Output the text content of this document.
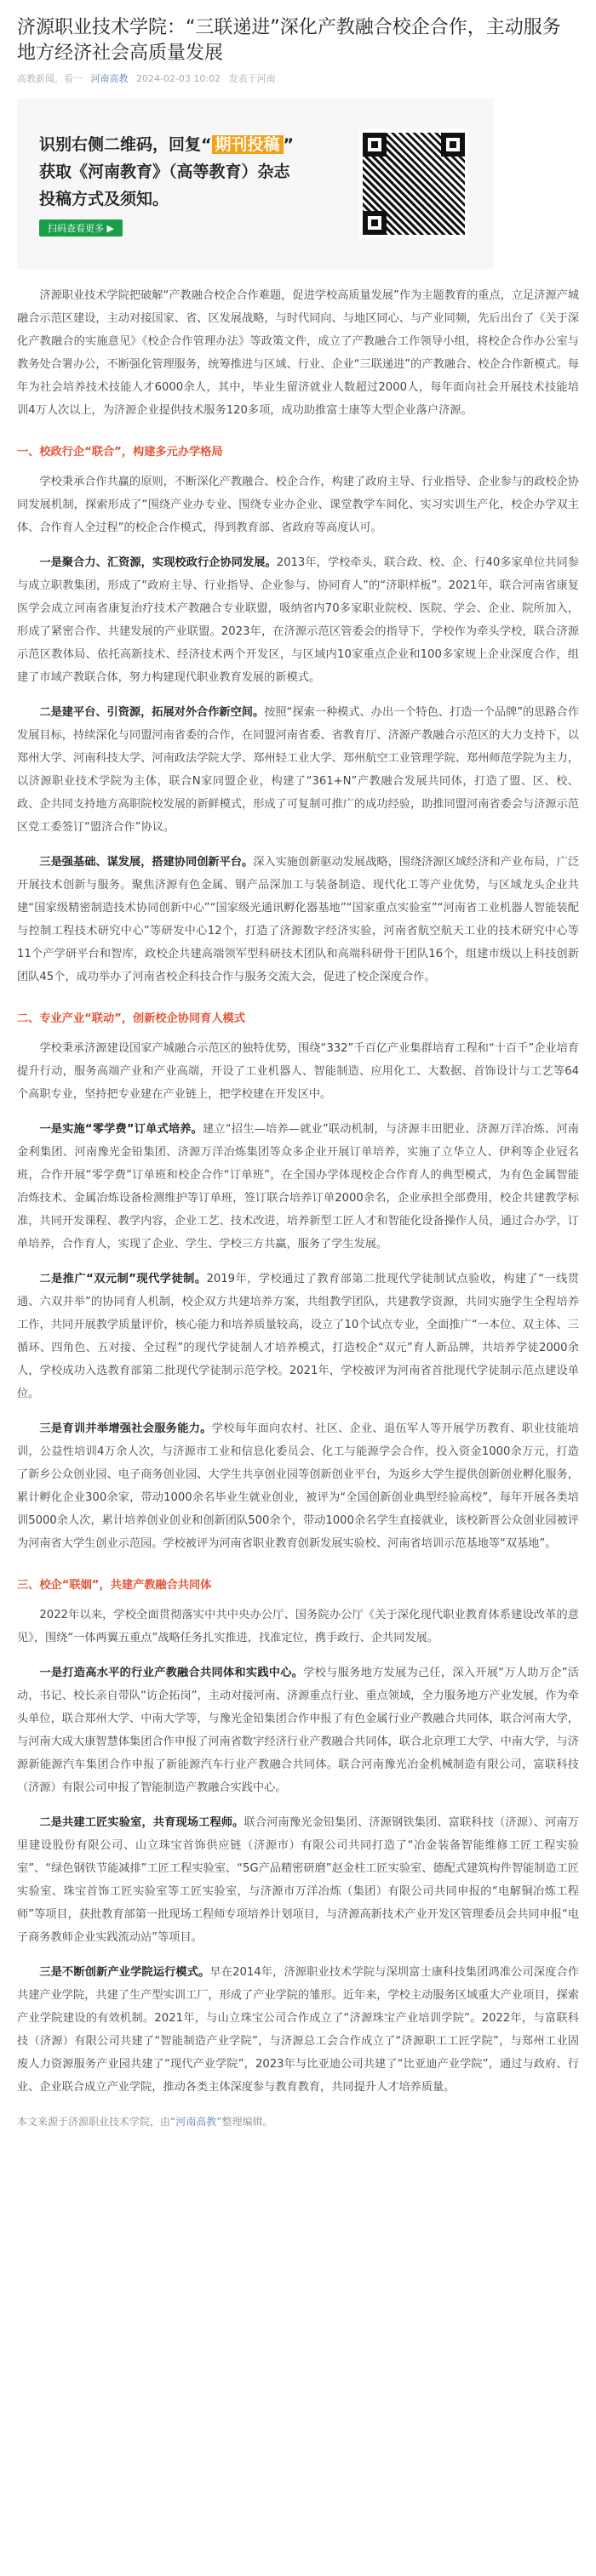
济源职业技术学院：“三联递进”深化产教融合校企合作，主动服务地方经济社会高质量发展
高教新闻，看一 河南高教 2024-02-03 10:02 发表于河南
识别右侧二维码，回复“ 期刊投稿 ”
获取《河南教育》（高等教育）杂志
投稿方式及须知。
扫码查看更多 ▶

济源职业技术学院把破解“产教融合校企合作难题，促进学校高质量发展”作为主题教育的重点，立足济源产城融合示范区建设，主动对接国家、省、区发展战略，与时代同向、与地区同心、与产业同频，先后出台了《关于深化产教融合的实施意见》《校企合作管理办法》等政策文件，成立了产教融合工作领导小组，将校企合作办公室与教务处合署办公，不断强化管理服务，统筹推进与区域、行业、企业“三联递进”的产教融合、校企合作新模式。每年为社会培养技术技能人才6000余人，其中，毕业生留济就业人数超过2000人，每年面向社会开展技术技能培训4万人次以上，为济源企业提供技术服务120多项，成功助推富士康等大型企业落户济源。

一、校政行企“联合”，构建多元办学格局

学校秉承合作共赢的原则，不断深化产教融合、校企合作，构建了政府主导、行业指导、企业参与的政校企协同发展机制，探索形成了“围绕产业办专业、围绕专业办企业、课堂教学车间化、实习实训生产化，校企办学双主体、合作育人全过程”的校企合作模式，得到教育部、省政府等高度认可。

一是聚合力、汇资源，实现校政行企协同发展。2013年，学校牵头，联合政、校、企、行40多家单位共同参与成立职教集团，形成了“政府主导、行业指导、企业参与、协同育人”的“济职样板”。2021年，联合河南省康复医学会成立河南省康复治疗技术产教融合专业联盟，吸纳省内70多家职业院校、医院、学会、企业、院所加入，形成了紧密合作、共建发展的产业联盟。2023年，在济源示范区管委会的指导下，学校作为牵头学校，联合济源示范区教体局、依托高新技术、经济技术两个开发区，与区域内10家重点企业和100多家规上企业深度合作，组建了市域产教联合体，努力构建现代职业教育发展的新模式。

二是建平台、引资源，拓展对外合作新空间。按照“探索一种模式、办出一个特色、打造一个品牌”的思路合作发展目标，持续深化与同盟河南省委的合作，在同盟河南省委、省教育厅、济源产教融合示范区的大力支持下，以郑州大学、河南科技大学、河南政法学院大学、郑州轻工业大学、郑州航空工业管理学院、郑州师范学院为主力，以济源职业技术学院为主体，联合N家同盟企业，构建了“361+N”产教融合发展共同体，打造了盟、区、校、政、企共同支持地方高职院校发展的新鲜模式，形成了可复制可推广的成功经验，助推同盟河南省委会与济源示范区党工委签订“盟济合作”协议。

三是强基础、谋发展，搭建协同创新平台。深入实施创新驱动发展战略，围绕济源区域经济和产业布局，广泛开展技术创新与服务。聚焦济源有色金属、钢产品深加工与装备制造、现代化工等产业优势，与区域龙头企业共建“国家级精密制造技术协同创新中心”“国家级光通讯孵化器基地”“国家重点实验室”“河南省工业机器人智能装配与控制工程技术研究中心”等研发中心12个，打造了济源数字经济实验，河南省航空航天工业的技术研究中心等11个产学研平台和智库，政校企共建高端领军型科研技术团队和高端科研骨干团队16个，组建市级以上科技创新团队45个，成功举办了河南省校企科技合作与服务交流大会，促进了校企深度合作。

二、专业产业“联动”，创新校企协同育人模式

学校秉承济源建设国家产城融合示范区的独特优势，围绕“332”千百亿产业集群培育工程和“十百千”企业培育提升行动，服务高端产业和产业高端，开设了工业机器人、智能制造、应用化工、大数据、首饰设计与工艺等64个高职专业，坚持把专业建在产业链上，把学校建在开发区中。

一是实施“零学费”订单式培养。建立“招生—培养—就业”联动机制，与济源丰田肥业、济源万洋冶炼、河南金利集团、河南豫光金铅集团、济源万洋冶炼集团等众多企业开展订单培养，实施了立华立人、伊利等企业冠名班，合作开展“零学费”订单班和校企合作“订单班”，在全国办学体现校企合作育人的典型模式，为有色金属智能冶炼技术、金属冶炼设备检测维护等订单班，签订联合培养订单2000余名，企业承担全部费用，校企共建教学标准，共同开发课程、教学内容，企业工艺、技术改进，培养新型工匠人才和智能化设备操作人员，通过合办学，订单培养，合作育人，实现了企业、学生、学校三方共赢，服务了学生发展。

二是推广“双元制”现代学徒制。2019年，学校通过了教育部第二批现代学徒制试点验收，构建了“一线贯通、六双并举”的协同育人机制，校企双方共建培养方案，共组教学团队，共建教学资源，共同实施学生全程培养工作，共同开展教学质量评价，核心能力和培养质量较高，设立了10个试点专业，全面推广“一本位、双主体、三循环、四角色、五对接、全过程”的现代学徒制人才培养模式，打造校企“双元”育人新品牌，共培养学徒2000余人，学校成功入选教育部第二批现代学徒制示范学校。2021年，学校被评为河南省首批现代学徒制示范点建设单位。

三是育训并举增强社会服务能力。学校每年面向农村、社区、企业、退伍军人等开展学历教育、职业技能培训，公益性培训4万余人次，与济源市工业和信息化委员会、化工与能源学会合作，投入资金1000余万元，打造了新乡公众创业园、电子商务创业园、大学生共享创业园等创新创业平台，为返乡大学生提供创新创业孵化服务，累计孵化企业300余家，带动1000余名毕业生就业创业，被评为“全国创新创业典型经验高校”，每年开展各类培训5000余人次，累计培养创业创业和创新团队500余个，带动1000余名学生直接就业，该校新晋公众创业园被评为河南省大学生创业示范园。学校被评为河南省职业教育创新发展实验校、河南省培训示范基地等“双基地”。

三、校企“联姻”，共建产教融合共同体

2022年以来，学校全面贯彻落实中共中央办公厅、国务院办公厅《关于深化现代职业教育体系建设改革的意见》，围绕“一体两翼五重点”战略任务扎实推进，找准定位，携手政行、企共同发展。

一是打造高水平的行业产教融合共同体和实践中心。学校与服务地方发展为己任，深入开展“万人助万企”活动，书记、校长亲自带队“访企拓岗”，主动对接河南、济源重点行业、重点领域，全力服务地方产业发展，作为牵头单位，联合郑州大学、中南大学等，与豫光金铅集团合作申报了有色金属行业产教融合共同体，联合河南大学，与河南大成大康智慧体集团合作申报了河南省数字经济行业产教融合共同体，联合北京理工大学、中南大学，与济源新能源汽车集团合作申报了新能源汽车行业产教融合共同体。联合河南豫光冶金机械制造有限公司，富联科技（济源）有限公司申报了智能制造产教融合实践中心。

二是共建工匠实验室，共育现场工程师。联合河南豫光金铅集团、济源钢铁集团、富联科技（济源）、河南万里建设股份有限公司、山立珠宝首饰供应链（济源市）有限公司共同打造了“冶金装备智能维修工匠工程实验室”、“绿色钢铁节能减排”工匠工程实验室、“5G产品精密研磨”赵金柱工匠实验室、德配式建筑构件智能制造工匠实验室、珠宝首饰工匠实验室等工匠实验室，与济源市万洋冶炼（集团）有限公司共同申报的“电解铜冶炼工程师”等项目，获批教育部第一批现场工程师专项培养计划项目，与济源高新技术产业开发区管理委员会共同申报“电子商务教师企业实践流动站”等项目。

三是不断创新产业学院运行模式。早在2014年，济源职业技术学院与深圳富士康科技集团鸿准公司深度合作共建产业学院，共建了生产型实训工厂，形成了产业学院的雏形。近年来，学校主动服务区域重大产业项目，探索产业学院建设的有效机制。2021年，与山立珠宝公司合作成立了“济源珠宝产业培训学院”。2022年，与富联科技（济源）有限公司共建了“智能制造产业学院”，与济源总工会合作成立了“济源职工工匠学院”，与郑州工业固废人力资源服务产业园共建了“现代产业学院”，2023年与比亚迪公司共建了“比亚迪产业学院”，通过与政府、行业、企业联合成立产业学院，推动各类主体深度参与教育教育，共同提升人才培养质量。

本文来源于济源职业技术学院，由“河南高教”整理编辑。
